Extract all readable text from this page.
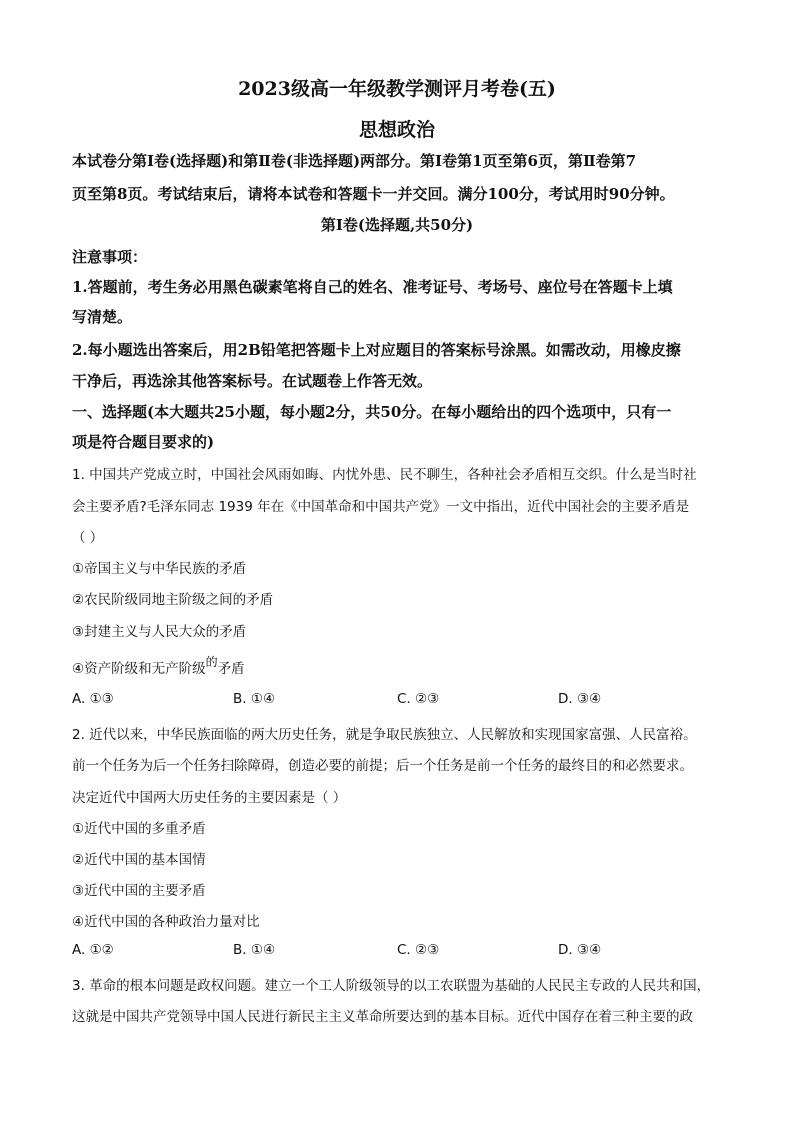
2023级高一年级教学测评月考卷(五)
思想政治
本试卷分第Ⅰ卷(选择题)和第Ⅱ卷(非选择题)两部分。第Ⅰ卷第1页至第6页，第Ⅱ卷第7
页至第8页。考试结束后，请将本试卷和答题卡一并交回。满分100分，考试用时90分钟。
第Ⅰ卷(选择题,共50分)
注意事项：
1.答题前，考生务必用黑色碳素笔将自己的姓名、准考证号、考场号、座位号在答题卡上填
写清楚。
2.每小题选出答案后，用2B铅笔把答题卡上对应题目的答案标号涂黑。如需改动，用橡皮擦
干净后，再选涂其他答案标号。在试题卷上作答无效。
一、选择题(本大题共25小题，每小题2分，共50分。在每小题给出的四个选项中，只有一
项是符合题目要求的)
1. 中国共产党成立时，中国社会风雨如晦、内忧外患、民不聊生，各种社会矛盾相互交织。什么是当时社
会主要矛盾?毛泽东同志 1939 年在《中国革命和中国共产党》一文中指出，近代中国社会的主要矛盾是
（ ）
①帝国主义与中华民族的矛盾
②农民阶级同地主阶级之间的矛盾
③封建主义与人民大众的矛盾
④资产阶级和无产阶级的矛盾
A. ①③	B. ①④	C. ②③	D. ③④
2. 近代以来，中华民族面临的两大历史任务，就是争取民族独立、人民解放和实现国家富强、人民富裕。
前一个任务为后一个任务扫除障碍，创造必要的前提；后一个任务是前一个任务的最终目的和必然要求。
决定近代中国两大历史任务的主要因素是（ ）
①近代中国的多重矛盾
②近代中国的基本国情
③近代中国的主要矛盾
④近代中国的各种政治力量对比
A. ①②	B. ①④	C. ②③	D. ③④
3. 革命的根本问题是政权问题。建立一个工人阶级领导的以工农联盟为基础的人民民主专政的人民共和国，
这就是中国共产党领导中国人民进行新民主主义革命所要达到的基本目标。近代中国存在着三种主要的政
